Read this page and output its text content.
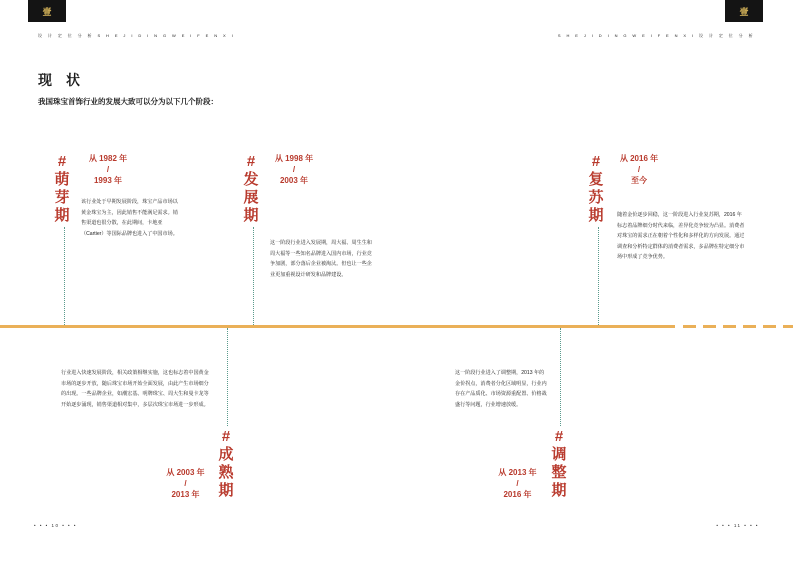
壹	壹
设 计 定 位 分 析 S H E J I D I N G W E I F E N X I	S H E J I D I N G W E I F E N X I 设 计 定 位 分 析
现状
我国珠宝首饰行业的发展大致可以分为以下几个阶段：
#
萌
芽
期
从 1982 年
/
1993 年
该行业处于早期发展阶段，珠宝产品市场以黄金珠宝为主，因此销售不能满足需求。销售渠道也很分散，在此期间，卡地亚（Cartier）等国际品牌也进入了中国市场。
#
发
展
期
从 1998 年
/
2003 年
这一阶段行业进入发展期，周大福、周生生和周大福等一些知名品牌进入国内市场，行业竞争加剧，部分落后企业被淘汰。但也让一些企业更加重视设计研发和品牌建设。
行业进入快速发展阶段，相关政策相继实施，这也标志着中国黄金市场的逐步开放，随后珠宝市场开始全面发展，由此产生市场细分的出现。一些品牌企业，如潮宏基、明牌珠宝、周大生和曼卡龙等开始逐步涌现，销售渠道相对集中，多层次珠宝市场进一步形成。
#
成
熟
期
从 2003 年
/
2013 年
这一阶段行业进入了调整期，2013 年的金价拐点，消费者分化区域明显，行业内存在产品质化、市场资源重配置、价格战盛行等问题，行业增速放缓。
#
调
整
期
从 2013 年
/
2016 年
#
复
苏
期
从 2016 年
/
至今
随着金价逐步回稳，这一阶段进入行业复苏期，2016 年标志着品牌细分时代来临，差异化竞争较为凸显。消费者对珠宝的需求正在朝着个性化和多样化的方向发展。通过调查和分析特定群体的消费者需求，多品牌在特定细分市场中形成了竞争优势。
• • • 10 • • •	• • • 11 • • •
